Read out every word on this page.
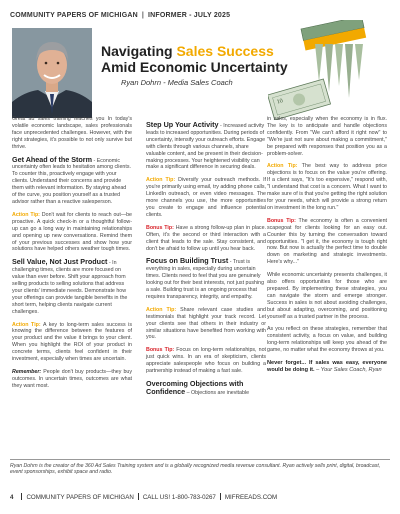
COMMUNITY PAPERS OF MICHIGAN | INFORMER - JULY 2025
10
Navigating Sales Success
Amid Economic Uncertainty
Ryan Dohrn - Media Sales Coach

Great ad sales training teaches you In today's volatile economic landscape, sales professionals face unprecedented challenges. However, with the right strategies, it's possible to not only survive but thrive.

Get Ahead of the Storm - Economic uncertainty often leads to hesitation among clients. To counter this, proactively engage with your clients. Understand their concerns and provide them with relevant information. By staying ahead of the curve, you position yourself as a trusted advisor rather than a reactive salesperson.

Action Tip: Don't wait for clients to reach out—be proactive. A quick check-in or a thoughtful follow-up can go a long way in maintaining relationships and opening up new conversations. Remind them of your previous successes and show how your solutions have helped others weather tough times.

Sell Value, Not Just Product - In challenging times, clients are more focused on value than ever before. Shift your approach from selling products to selling solutions that address your clients' immediate needs. Demonstrate how your offerings can provide tangible benefits in the short term, helping clients navigate current challenges.

Action Tip: A key to long-term sales success is knowing the difference between the features of your product and the value it brings to your client. When you highlight the ROI of your product in concrete terms, clients feel confident in their investment, especially when times are uncertain.

Remember: People don't buy products—they buy outcomes. In uncertain times, outcomes are what they want most.

Step Up Your Activity - Increased activity leads to increased opportunities. During periods of uncertainty, intensify your outreach efforts. Engage with clients through various channels, share valuable content, and be present in their decision-making processes. Your heightened visibility can make a significant difference in securing deals.

Action Tip: Diversify your outreach methods. If you're primarily using email, try adding phone calls, LinkedIn outreach, or even video messages. The more channels you use, the more opportunities you create to engage and influence potential clients.

Bonus Tip: Have a strong follow-up plan in place. Often, it's the second or third interaction with a client that leads to the sale. Stay consistent, and don't be afraid to follow up until you hear back.

Focus on Building Trust - Trust is everything in sales, especially during uncertain times. Clients need to feel that you are genuinely looking out for their best interests, not just pushing a sale. Building trust is an ongoing process that requires transparency, integrity, and empathy.

Action Tip: Share relevant case studies and testimonials that highlight your track record. Let your clients see that others in their industry or similar situations have benefited from working with you.

Bonus Tip: Focus on long-term relationships, not just quick wins. In an era of skepticism, clients appreciate salespeople who focus on building a partnership instead of making a fast sale.

Overcoming Objections with Confidence – Objections are inevitable

in sales, especially when the economy is in flux. The key is to anticipate and handle objections confidently. From "We can't afford it right now" to "We're just not sure about making a commitment," be prepared with responses that position you as a problem-solver.

Action Tip: The best way to address price objections is to focus on the value you're offering. If a client says, "It's too expensive," respond with, "I understand that cost is a concern. What I want to make sure of is that you're getting the right solution for your needs, which will provide a strong return on investment in the long run."

Bonus Tip: The economy is often a convenient scapegoat for clients looking for an easy out. Counter this by turning the conversation toward opportunities. "I get it, the economy is tough right now. But now is actually the perfect time to double down on marketing and strategic investments. Here's why..."

While economic uncertainty presents challenges, it also offers opportunities for those who are prepared. By implementing these strategies, you can navigate the storm and emerge stronger. Success in sales is not about avoiding challenges, but about adapting, overcoming, and positioning yourself as a trusted partner in the process.

As you reflect on these strategies, remember that consistent activity, a focus on value, and building long-term relationships will keep you ahead of the game, no matter what the economy throws at you.

Never forget... If sales was easy, everyone would be doing it. – Your Sales Coach, Ryan

Ryan Dohrn is the creator of the 360 Ad Sales Training system and is a globally recognized media revenue consultant. Ryan actively sells print, digital, broadcast, event sponsorships, exhibit space and radio.
4 COMMUNITY PAPERS OF MICHIGAN CALL US! 1-800-783-0267 MIFREEADS.COM
